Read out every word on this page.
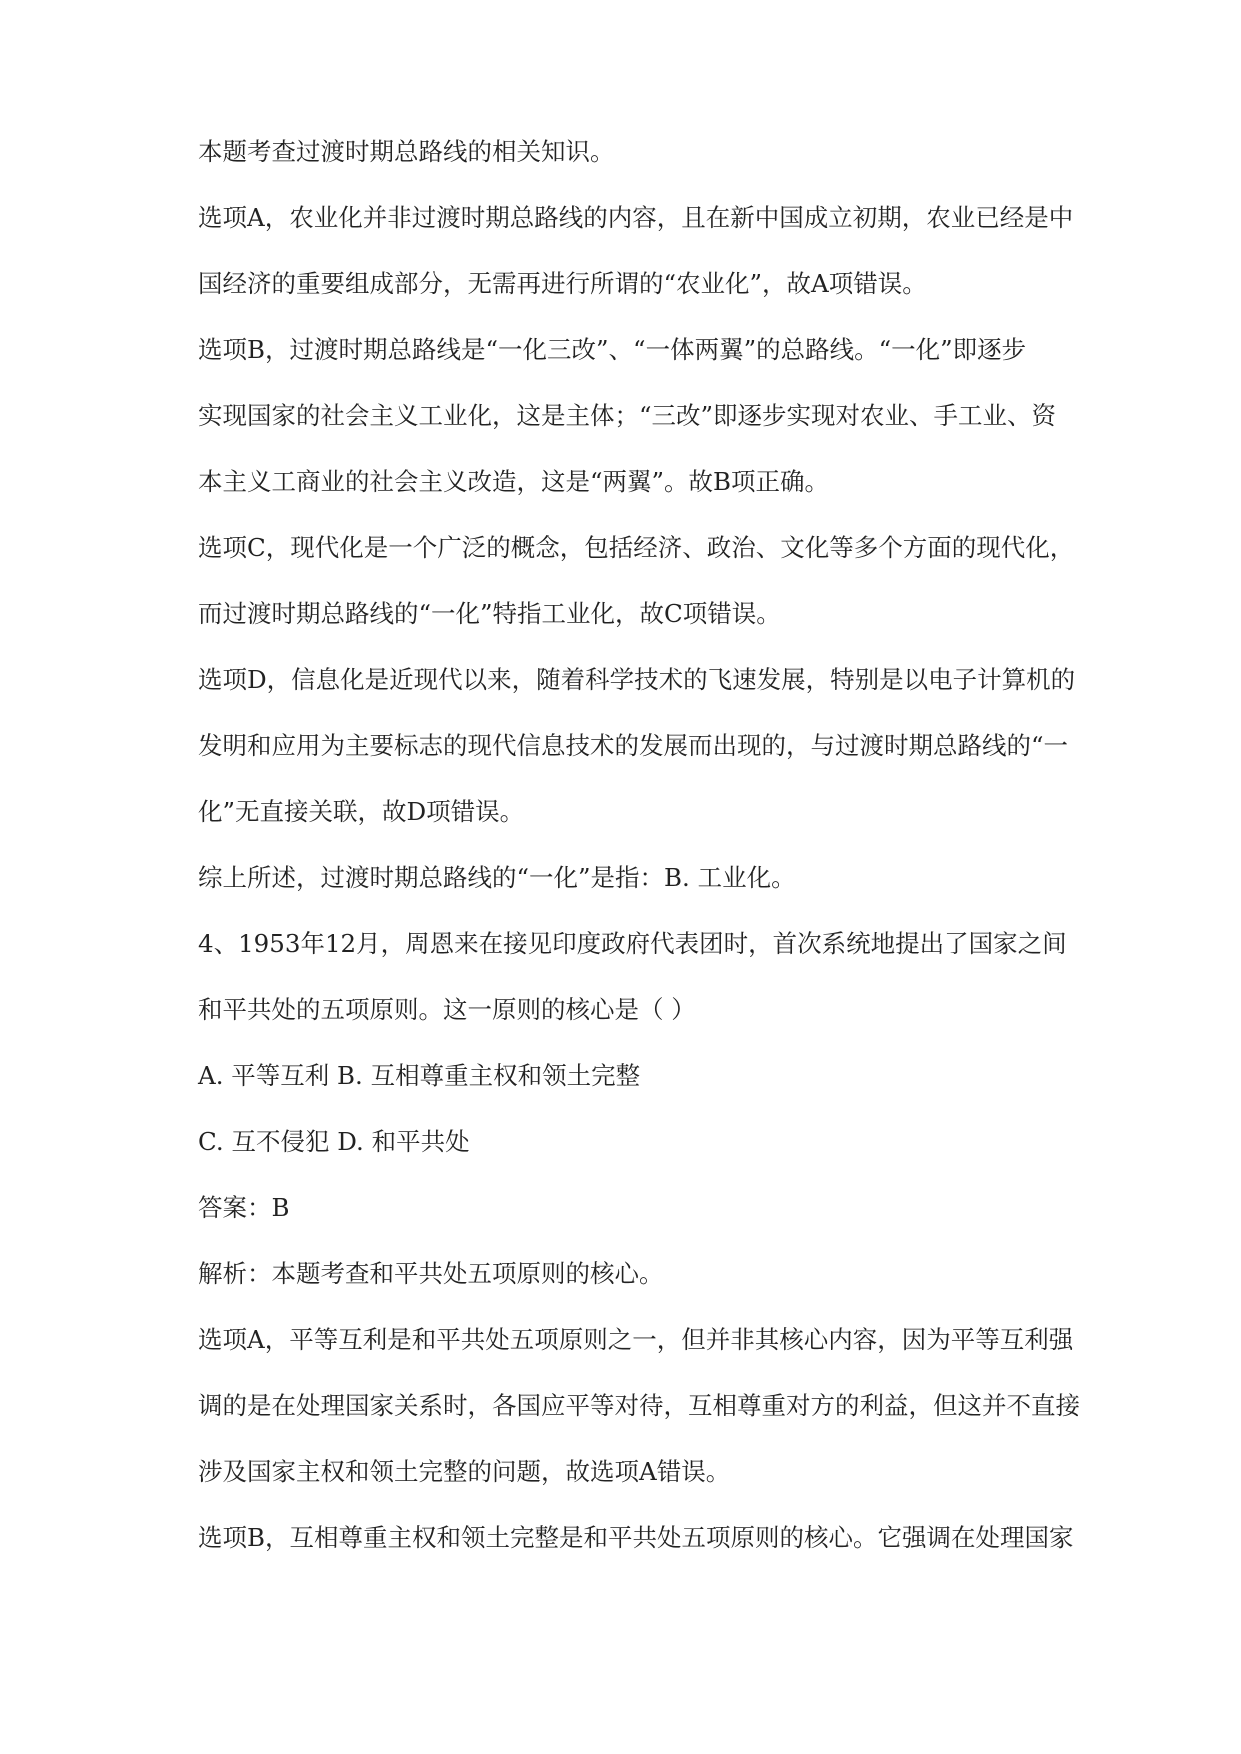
本题考查过渡时期总路线的相关知识。

选项A，农业化并非过渡时期总路线的内容，且在新中国成立初期，农业已经是中

国经济的重要组成部分，无需再进行所谓的“农业化”，故A项错误。

选项B，过渡时期总路线是“一化三改”、“一体两翼”的总路线。“一化”即逐步

实现国家的社会主义工业化，这是主体；“三改”即逐步实现对农业、手工业、资

本主义工商业的社会主义改造，这是“两翼”。故B项正确。

选项C，现代化是一个广泛的概念，包括经济、政治、文化等多个方面的现代化，

而过渡时期总路线的“一化”特指工业化，故C项错误。

选项D，信息化是近现代以来，随着科学技术的飞速发展，特别是以电子计算机的

发明和应用为主要标志的现代信息技术的发展而出现的，与过渡时期总路线的“一

化”无直接关联，故D项错误。

综上所述，过渡时期总路线的“一化”是指：B. 工业化。

4、1953年12月，周恩来在接见印度政府代表团时，首次系统地提出了国家之间

和平共处的五项原则。这一原则的核心是（ ）

A. 平等互利 B. 互相尊重主权和领土完整

C. 互不侵犯 D. 和平共处

答案：B

解析：本题考查和平共处五项原则的核心。

选项A，平等互利是和平共处五项原则之一，但并非其核心内容，因为平等互利强

调的是在处理国家关系时，各国应平等对待，互相尊重对方的利益，但这并不直接

涉及国家主权和领土完整的问题，故选项A错误。

选项B，互相尊重主权和领土完整是和平共处五项原则的核心。它强调在处理国家
